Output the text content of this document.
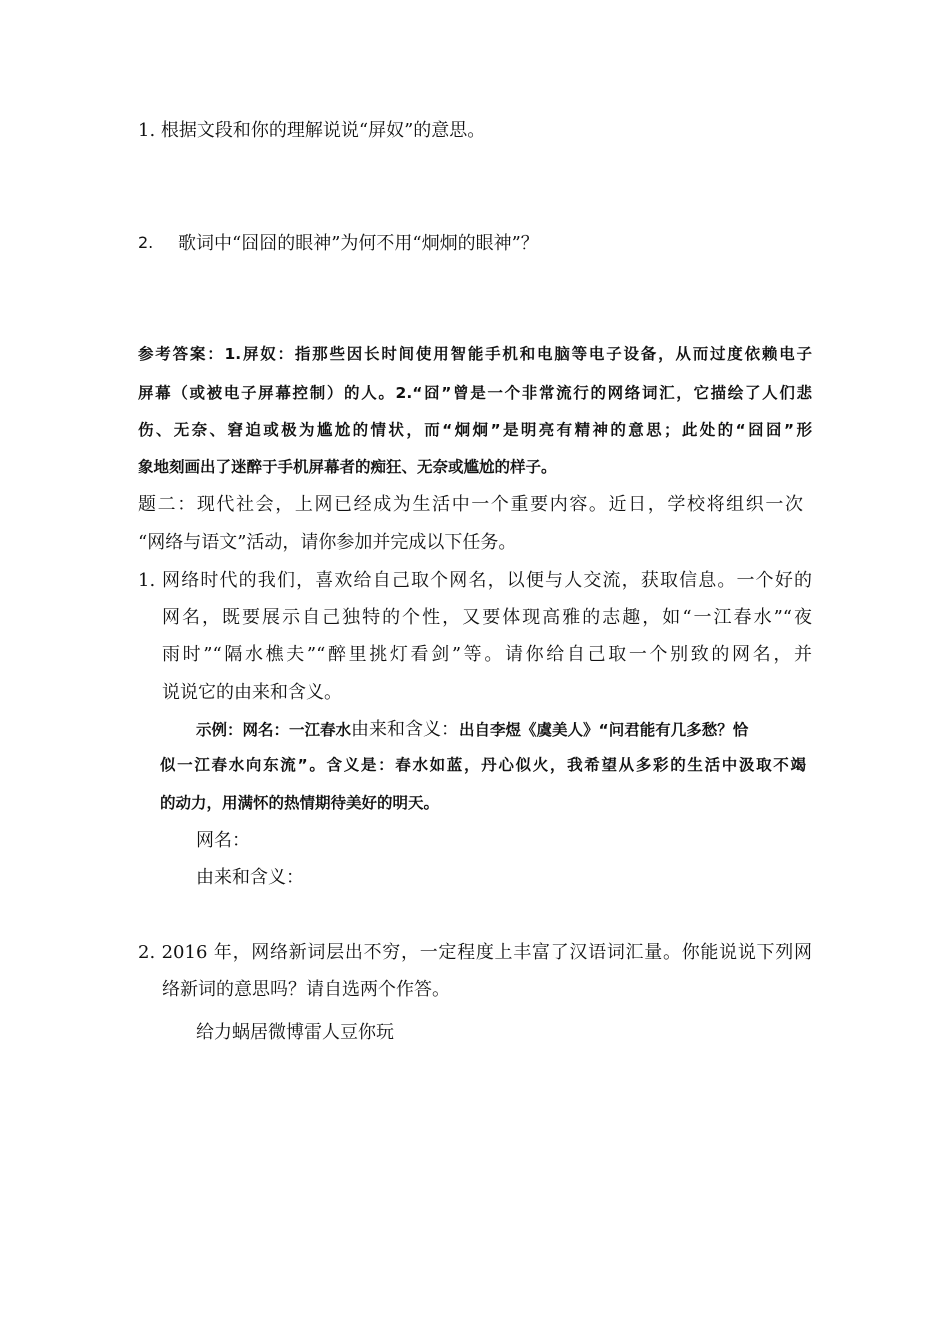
1. 根据文段和你的理解说说“屏奴”的意思。
2. 歌词中“囧囧的眼神”为何不用“炯炯的眼神”？
参考答案：1.屏奴：指那些因长时间使用智能手机和电脑等电子设备，从而过度依赖电子
屏幕（或被电子屏幕控制）的人。2.“囧”曾是一个非常流行的网络词汇，它描绘了人们悲
伤、无奈、窘迫或极为尴尬的情状，而“炯炯”是明亮有精神的意思；此处的“囧囧”形
象地刻画出了迷醉于手机屏幕者的痴狂、无奈或尴尬的样子。
题二：现代社会，上网已经成为生活中一个重要内容。近日，学校将组织一次
“网络与语文”活动，请你参加并完成以下任务。
1. 网络时代的我们，喜欢给自己取个网名，以便与人交流，获取信息。一个好的
网名，既要展示自己独特的个性，又要体现高雅的志趣，如“一江春水”“夜
雨时”“隔水樵夫”“醉里挑灯看剑”等。请你给自己取一个别致的网名，并
说说它的由来和含义。
示例：网名：一江春水由来和含义：出自李煜《虞美人》“问君能有几多愁？恰
似一江春水向东流”。含义是：春水如蓝，丹心似火，我希望从多彩的生活中汲取不竭
的动力，用满怀的热情期待美好的明天。
网名：
由来和含义：
2. 2016 年，网络新词层出不穷，一定程度上丰富了汉语词汇量。你能说说下列网
络新词的意思吗？请自选两个作答。
给力蜗居微博雷人豆你玩
